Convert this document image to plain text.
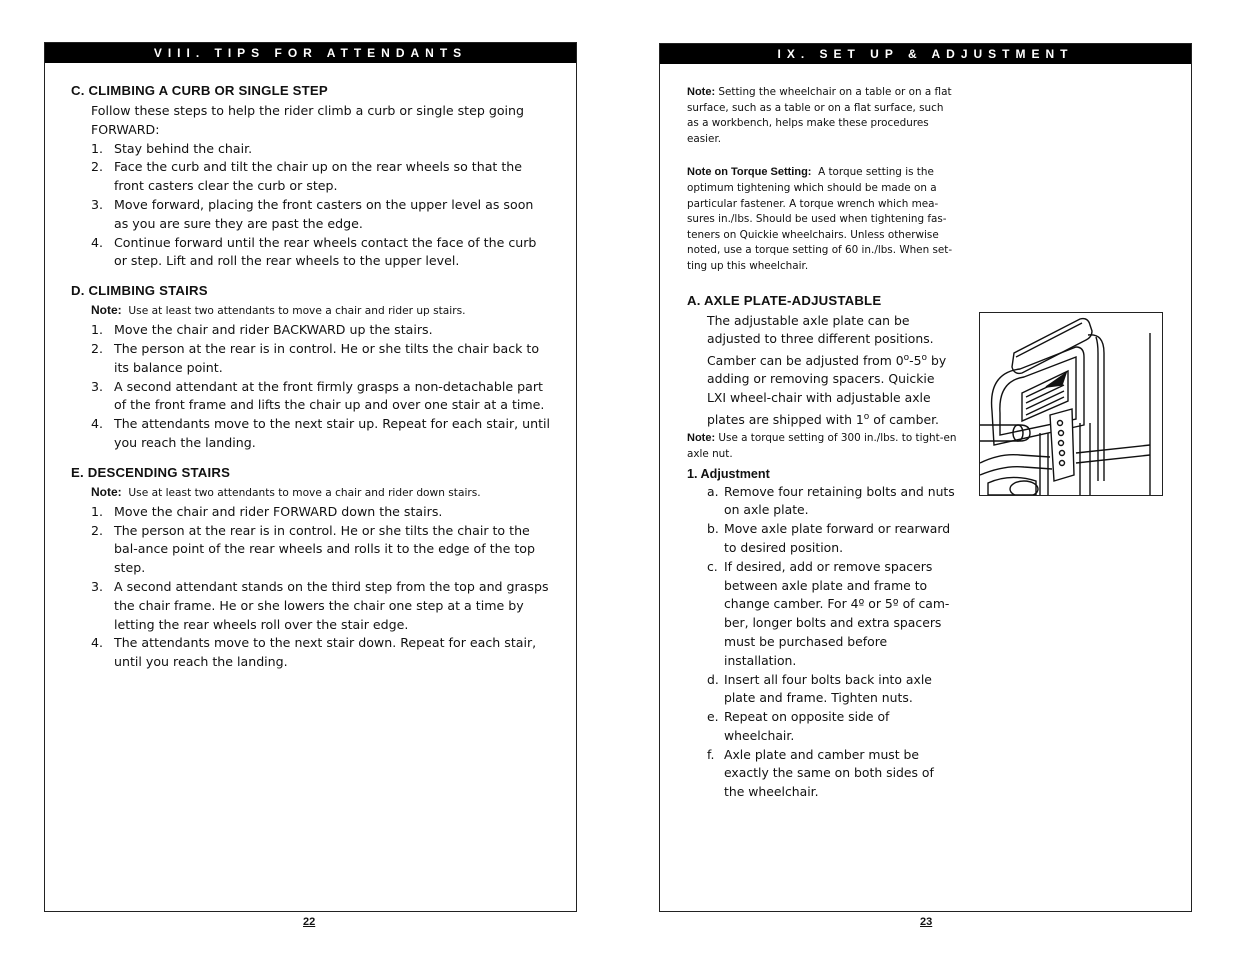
VIII. TIPS FOR ATTENDANTS
C. CLIMBING A CURB OR SINGLE STEP
Follow these steps to help the rider climb a curb or single step going FORWARD:
1. Stay behind the chair.
2. Face the curb and tilt the chair up on the rear wheels so that the front casters clear the curb or step.
3. Move forward, placing the front casters on the upper level as soon as you are sure they are past the edge.
4. Continue forward until the rear wheels contact the face of the curb or step. Lift and roll the rear wheels to the upper level.
D. CLIMBING STAIRS
Note: Use at least two attendants to move a chair and rider up stairs.
1. Move the chair and rider BACKWARD up the stairs.
2. The person at the rear is in control. He or she tilts the chair back to its balance point.
3. A second attendant at the front firmly grasps a non-detachable part of the front frame and lifts the chair up and over one stair at a time.
4. The attendants move to the next stair up. Repeat for each stair, until you reach the landing.
E. DESCENDING STAIRS
Note: Use at least two attendants to move a chair and rider down stairs.
1. Move the chair and rider FORWARD down the stairs.
2. The person at the rear is in control. He or she tilts the chair to the bal-ance point of the rear wheels and rolls it to the edge of the top step.
3. A second attendant stands on the third step from the top and grasps the chair frame. He or she lowers the chair one step at a time by letting the rear wheels roll over the stair edge.
4. The attendants move to the next stair down. Repeat for each stair, until you reach the landing.
22
IX. SET UP & ADJUSTMENT
Note: Setting the wheelchair on a table or on a flat surface, such as a table or on a flat surface, such as a workbench, helps make these procedures easier.
Note on Torque Setting: A torque setting is the optimum tightening which should be made on a particular fastener. A torque wrench which mea-sures in./lbs. Should be used when tightening fas-teners on Quickie wheelchairs. Unless otherwise noted, use a torque setting of 60 in./lbs. When set-ting up this wheelchair.
A. AXLE PLATE-ADJUSTABLE
The adjustable axle plate can be adjusted to three different positions. Camber can be adjusted from 0$^o$-5$^o$ by adding or removing spacers. Quickie LXI wheel-chair with adjustable axle plates are shipped with 1$^o$ of camber.
Note: Use a torque setting of 300 in./lbs. to tight-en axle nut.
1. Adjustment
a. Remove four retaining bolts and nuts on axle plate.
b. Move axle plate forward or rearward to desired position.
c. If desired, add or remove spacers between axle plate and frame to change camber. For 4º or 5º of cam-ber, longer bolts and extra spacers must be purchased before installation.
d. Insert all four bolts back into axle plate and frame. Tighten nuts.
e. Repeat on opposite side of wheelchair.
f. Axle plate and camber must be exactly the same on both sides of the wheelchair.
23
